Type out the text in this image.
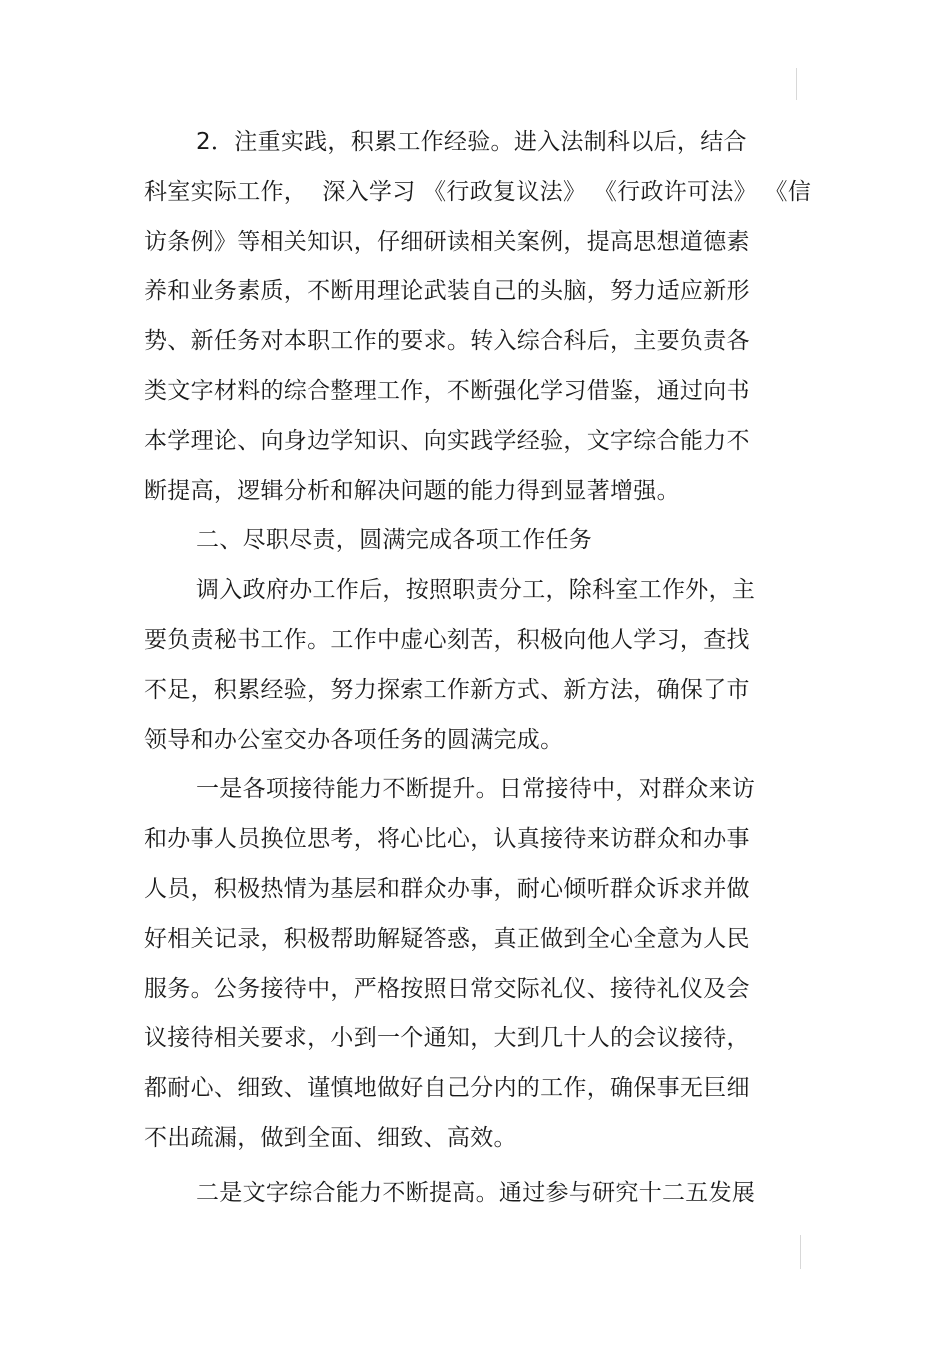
2．注重实践，积累工作经验。进入法制科以后，结合
科室实际工作，  深入学习 《行政复议法》 《行政许可法》 《信
访条例》等相关知识，仔细研读相关案例，提高思想道德素
养和业务素质，不断用理论武装自己的头脑，努力适应新形
势、新任务对本职工作的要求。转入综合科后，主要负责各
类文字材料的综合整理工作，不断强化学习借鉴，通过向书
本学理论、向身边学知识、向实践学经验，文字综合能力不
断提高，逻辑分析和解决问题的能力得到显著增强。
二、尽职尽责，圆满完成各项工作任务
调入政府办工作后，按照职责分工，除科室工作外，主
要负责秘书工作。工作中虚心刻苦，积极向他人学习，查找
不足，积累经验，努力探索工作新方式、新方法，确保了市
领导和办公室交办各项任务的圆满完成。
一是各项接待能力不断提升。日常接待中，对群众来访
和办事人员换位思考，将心比心，认真接待来访群众和办事
人员，积极热情为基层和群众办事，耐心倾听群众诉求并做
好相关记录，积极帮助解疑答惑，真正做到全心全意为人民
服务。公务接待中，严格按照日常交际礼仪、接待礼仪及会
议接待相关要求，小到一个通知，大到几十人的会议接待，
都耐心、细致、谨慎地做好自己分内的工作，确保事无巨细
不出疏漏，做到全面、细致、高效。
二是文字综合能力不断提高。通过参与研究十二五发展
